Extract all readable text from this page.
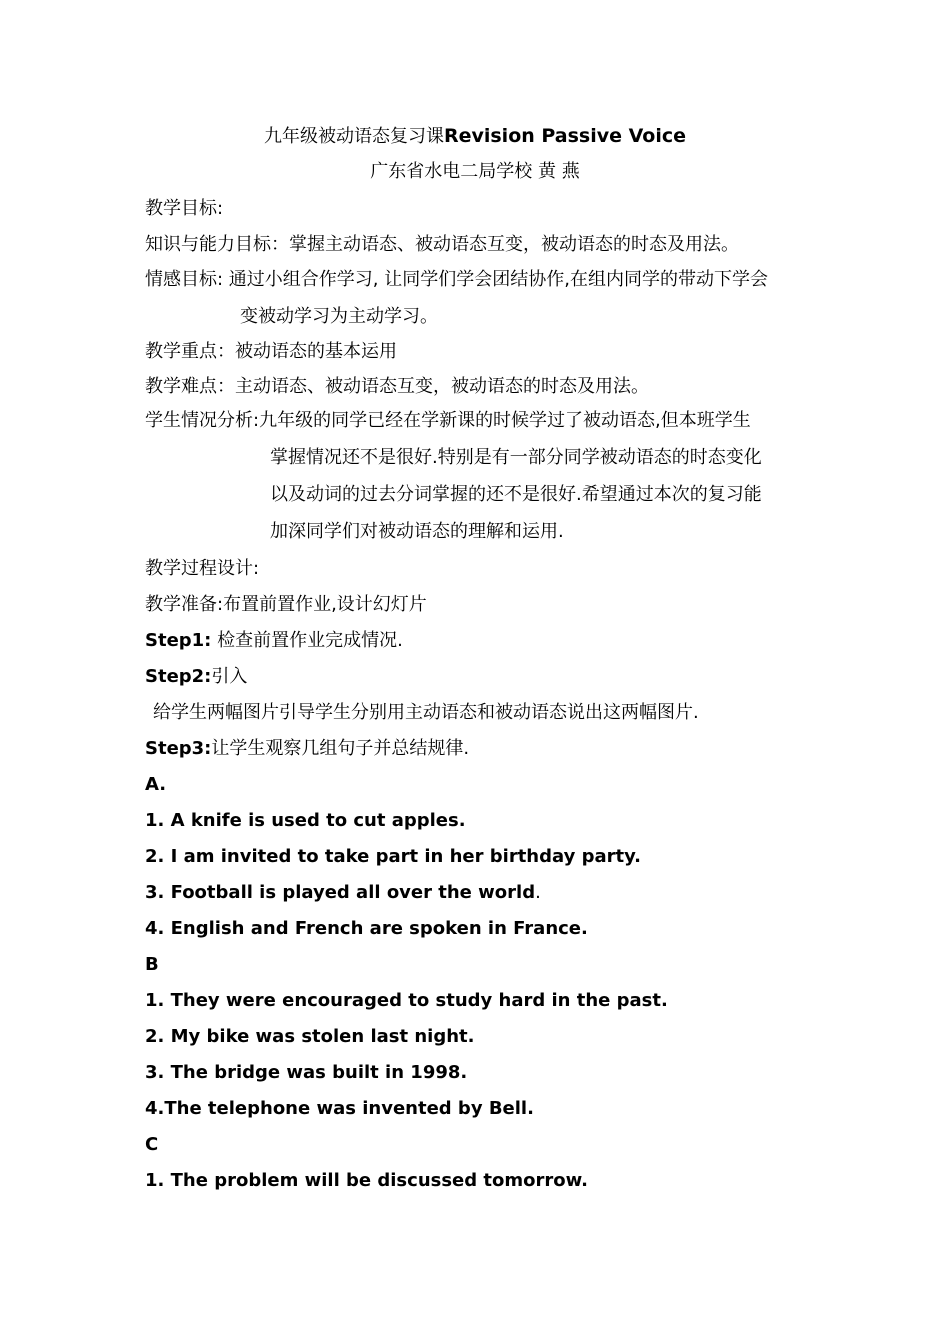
九年级被动语态复习课Revision Passive Voice
广东省水电二局学校 黄 燕
教学目标:
知识与能力目标：掌握主动语态、被动语态互变，被动语态的时态及用法。
情感目标: 通过小组合作学习, 让同学们学会团结协作,在组内同学的带动下学会
变被动学习为主动学习。
教学重点：被动语态的基本运用
教学难点：主动语态、被动语态互变，被动语态的时态及用法。
学生情况分析:九年级的同学已经在学新课的时候学过了被动语态,但本班学生
掌握情况还不是很好.特别是有一部分同学被动语态的时态变化
以及动词的过去分词掌握的还不是很好.希望通过本次的复习能
加深同学们对被动语态的理解和运用.
教学过程设计:
教学准备:布置前置作业,设计幻灯片
Step1: 检查前置作业完成情况.
Step2:引入
给学生两幅图片引导学生分别用主动语态和被动语态说出这两幅图片.
Step3:让学生观察几组句子并总结规律.
A.
1. A knife is used to cut apples.
2. I am invited to take part in her birthday party.
3. Football is played all over the world.
4. English and French are spoken in France.
B
1. They were encouraged to study hard in the past.
2. My bike was stolen last night.
3. The bridge was built in 1998.
4.The telephone was invented by Bell.
C
1. The problem will be discussed tomorrow.
